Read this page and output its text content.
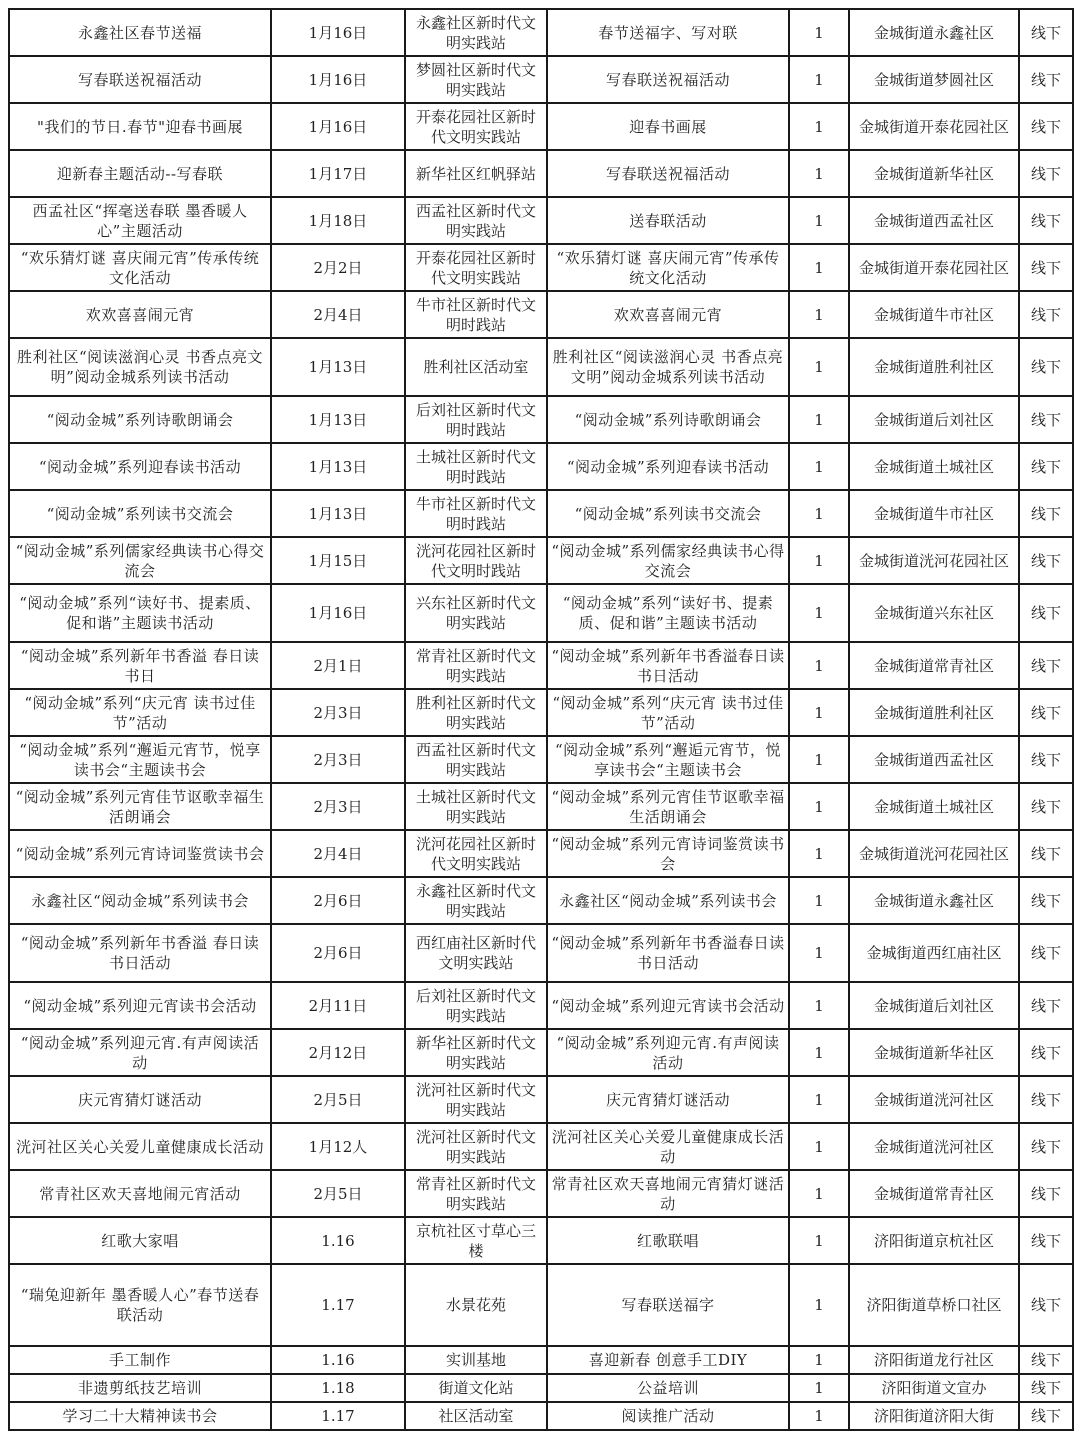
永鑫社区春节送福	1月16日	永鑫社区新时代文明实践站	春节送福字、写对联	1	金城街道永鑫社区	线下
写春联送祝福活动	1月16日	梦圆社区新时代文明实践站	写春联送祝福活动	1	金城街道梦圆社区	线下
"我们的节日.春节"迎春书画展	1月16日	开泰花园社区新时代文明实践站	迎春书画展	1	金城街道开泰花园社区	线下
迎新春主题活动--写春联	1月17日	新华社区红帆驿站	写春联送祝福活动	1	金城街道新华社区	线下
西孟社区“挥毫送春联 墨香暖人心”主题活动	1月18日	西孟社区新时代文明实践站	送春联活动	1	金城街道西孟社区	线下
“欢乐猜灯谜 喜庆闹元宵”传承传统文化活动	2月2日	开泰花园社区新时代文明实践站	“欢乐猜灯谜 喜庆闹元宵”传承传统文化活动	1	金城街道开泰花园社区	线下
欢欢喜喜闹元宵	2月4日	牛市社区新时代文明时践站	欢欢喜喜闹元宵	1	金城街道牛市社区	线下
胜利社区“阅读滋润心灵 书香点亮文明”阅动金城系列读书活动	1月13日	胜利社区活动室	胜利社区“阅读滋润心灵 书香点亮文明”阅动金城系列读书活动	1	金城街道胜利社区	线下
“阅动金城”系列诗歌朗诵会	1月13日	后刘社区新时代文明时践站	“阅动金城”系列诗歌朗诵会	1	金城街道后刘社区	线下
“阅动金城”系列迎春读书活动	1月13日	土城社区新时代文明时践站	“阅动金城”系列迎春读书活动	1	金城街道土城社区	线下
“阅动金城”系列读书交流会	1月13日	牛市社区新时代文明时践站	“阅动金城”系列读书交流会	1	金城街道牛市社区	线下
“阅动金城”系列儒家经典读书心得交流会	1月15日	洸河花园社区新时代文明时践站	“阅动金城”系列儒家经典读书心得交流会	1	金城街道洸河花园社区	线下
“阅动金城”系列“读好书、提素质、促和谐”主题读书活动	1月16日	兴东社区新时代文明实践站	“阅动金城”系列“读好书、提素质、促和谐”主题读书活动	1	金城街道兴东社区	线下
“阅动金城”系列新年书香溢 春日读书日	2月1日	常青社区新时代文明实践站	“阅动金城”系列新年书香溢春日读书日活动	1	金城街道常青社区	线下
“阅动金城”系列“庆元宵 读书过佳节”活动	2月3日	胜利社区新时代文明实践站	“阅动金城”系列“庆元宵 读书过佳节”活动	1	金城街道胜利社区	线下
“阅动金城”系列“邂逅元宵节，悦享读书会“主题读书会	2月3日	西孟社区新时代文明实践站	“阅动金城”系列“邂逅元宵节，悦享读书会“主题读书会	1	金城街道西孟社区	线下
“阅动金城”系列元宵佳节讴歌幸福生活朗诵会	2月3日	土城社区新时代文明实践站	“阅动金城”系列元宵佳节讴歌幸福生活朗诵会	1	金城街道土城社区	线下
“阅动金城”系列元宵诗词鉴赏读书会	2月4日	洸河花园社区新时代文明实践站	“阅动金城”系列元宵诗词鉴赏读书会	1	金城街道洸河花园社区	线下
永鑫社区“阅动金城”系列读书会	2月6日	永鑫社区新时代文明实践站	永鑫社区“阅动金城”系列读书会	1	金城街道永鑫社区	线下
“阅动金城”系列新年书香溢 春日读书日活动	2月6日	西红庙社区新时代文明实践站	“阅动金城”系列新年书香溢春日读书日活动	1	金城街道西红庙社区	线下
“阅动金城”系列迎元宵读书会活动	2月11日	后刘社区新时代文明实践站	“阅动金城”系列迎元宵读书会活动	1	金城街道后刘社区	线下
“阅动金城”系列迎元宵.有声阅读活动	2月12日	新华社区新时代文明实践站	“阅动金城”系列迎元宵.有声阅读活动	1	金城街道新华社区	线下
庆元宵猜灯谜活动	2月5日	洸河社区新时代文明实践站	庆元宵猜灯谜活动	1	金城街道洸河社区	线下
洸河社区关心关爱儿童健康成长活动	1月12人	洸河社区新时代文明实践站	洸河社区关心关爱儿童健康成长活动	1	金城街道洸河社区	线下
常青社区欢天喜地闹元宵活动	2月5日	常青社区新时代文明实践站	常青社区欢天喜地闹元宵猜灯谜活动	1	金城街道常青社区	线下
红歌大家唱	1.16	京杭社区寸草心三楼	红歌联唱	1	济阳街道京杭社区	线下
“瑞兔迎新年 墨香暖人心”春节送春联活动	1.17	水景花苑	写春联送福字	1	济阳街道草桥口社区	线下
手工制作	1.16	实训基地	喜迎新春 创意手工DIY	1	济阳街道龙行社区	线下
非遗剪纸技艺培训	1.18	街道文化站	公益培训	1	济阳街道文宣办	线下
学习二十大精神读书会	1.17	社区活动室	阅读推广活动	1	济阳街道济阳大街	线下
